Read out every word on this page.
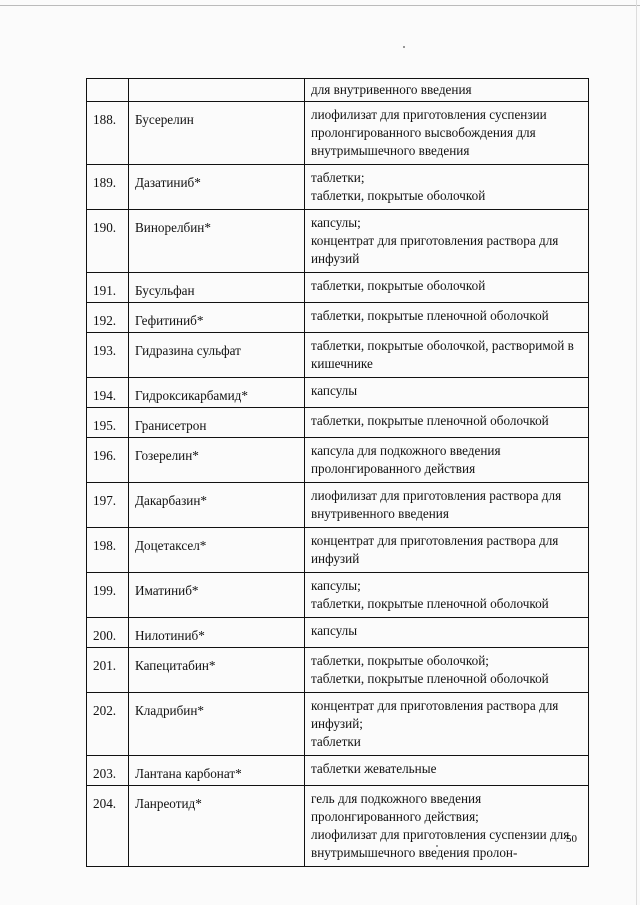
		для внутривенного введения
188.	Бусерелин	лиофилизат для приготовления суспензии пролонгированного высвобождения для внутримышечного введения
189.	Дазатиниб*	таблетки;
таблетки, покрытые оболочкой
190.	Винорелбин*	капсулы;
концентрат для приготовления раствора для инфузий
191.	Бусульфан	таблетки, покрытые оболочкой
192.	Гефитиниб*	таблетки, покрытые пленочной оболочкой
193.	Гидразина сульфат	таблетки, покрытые оболочкой, растворимой в кишечнике
194.	Гидроксикарбамид*	капсулы
195.	Гранисетрон	таблетки, покрытые пленочной оболочкой
196.	Гозерелин*	капсула для подкожного введения пролонгированного действия
197.	Дакарбазин*	лиофилизат для приготовления раствора для внутривенного введения
198.	Доцетаксел*	концентрат для приготовления раствора для инфузий
199.	Иматиниб*	капсулы;
таблетки, покрытые пленочной оболочкой
200.	Нилотиниб*	капсулы
201.	Капецитабин*	таблетки, покрытые оболочкой;
таблетки, покрытые пленочной оболочкой
202.	Кладрибин*	концентрат для приготовления раствора для инфузий;
таблетки
203.	Лантана карбонат*	таблетки жевательные
204.	Ланреотид*	гель для подкожного введения пролонгированного действия;
лиофилизат для приготовления суспензии для внутримышечного введения пролон-
50
